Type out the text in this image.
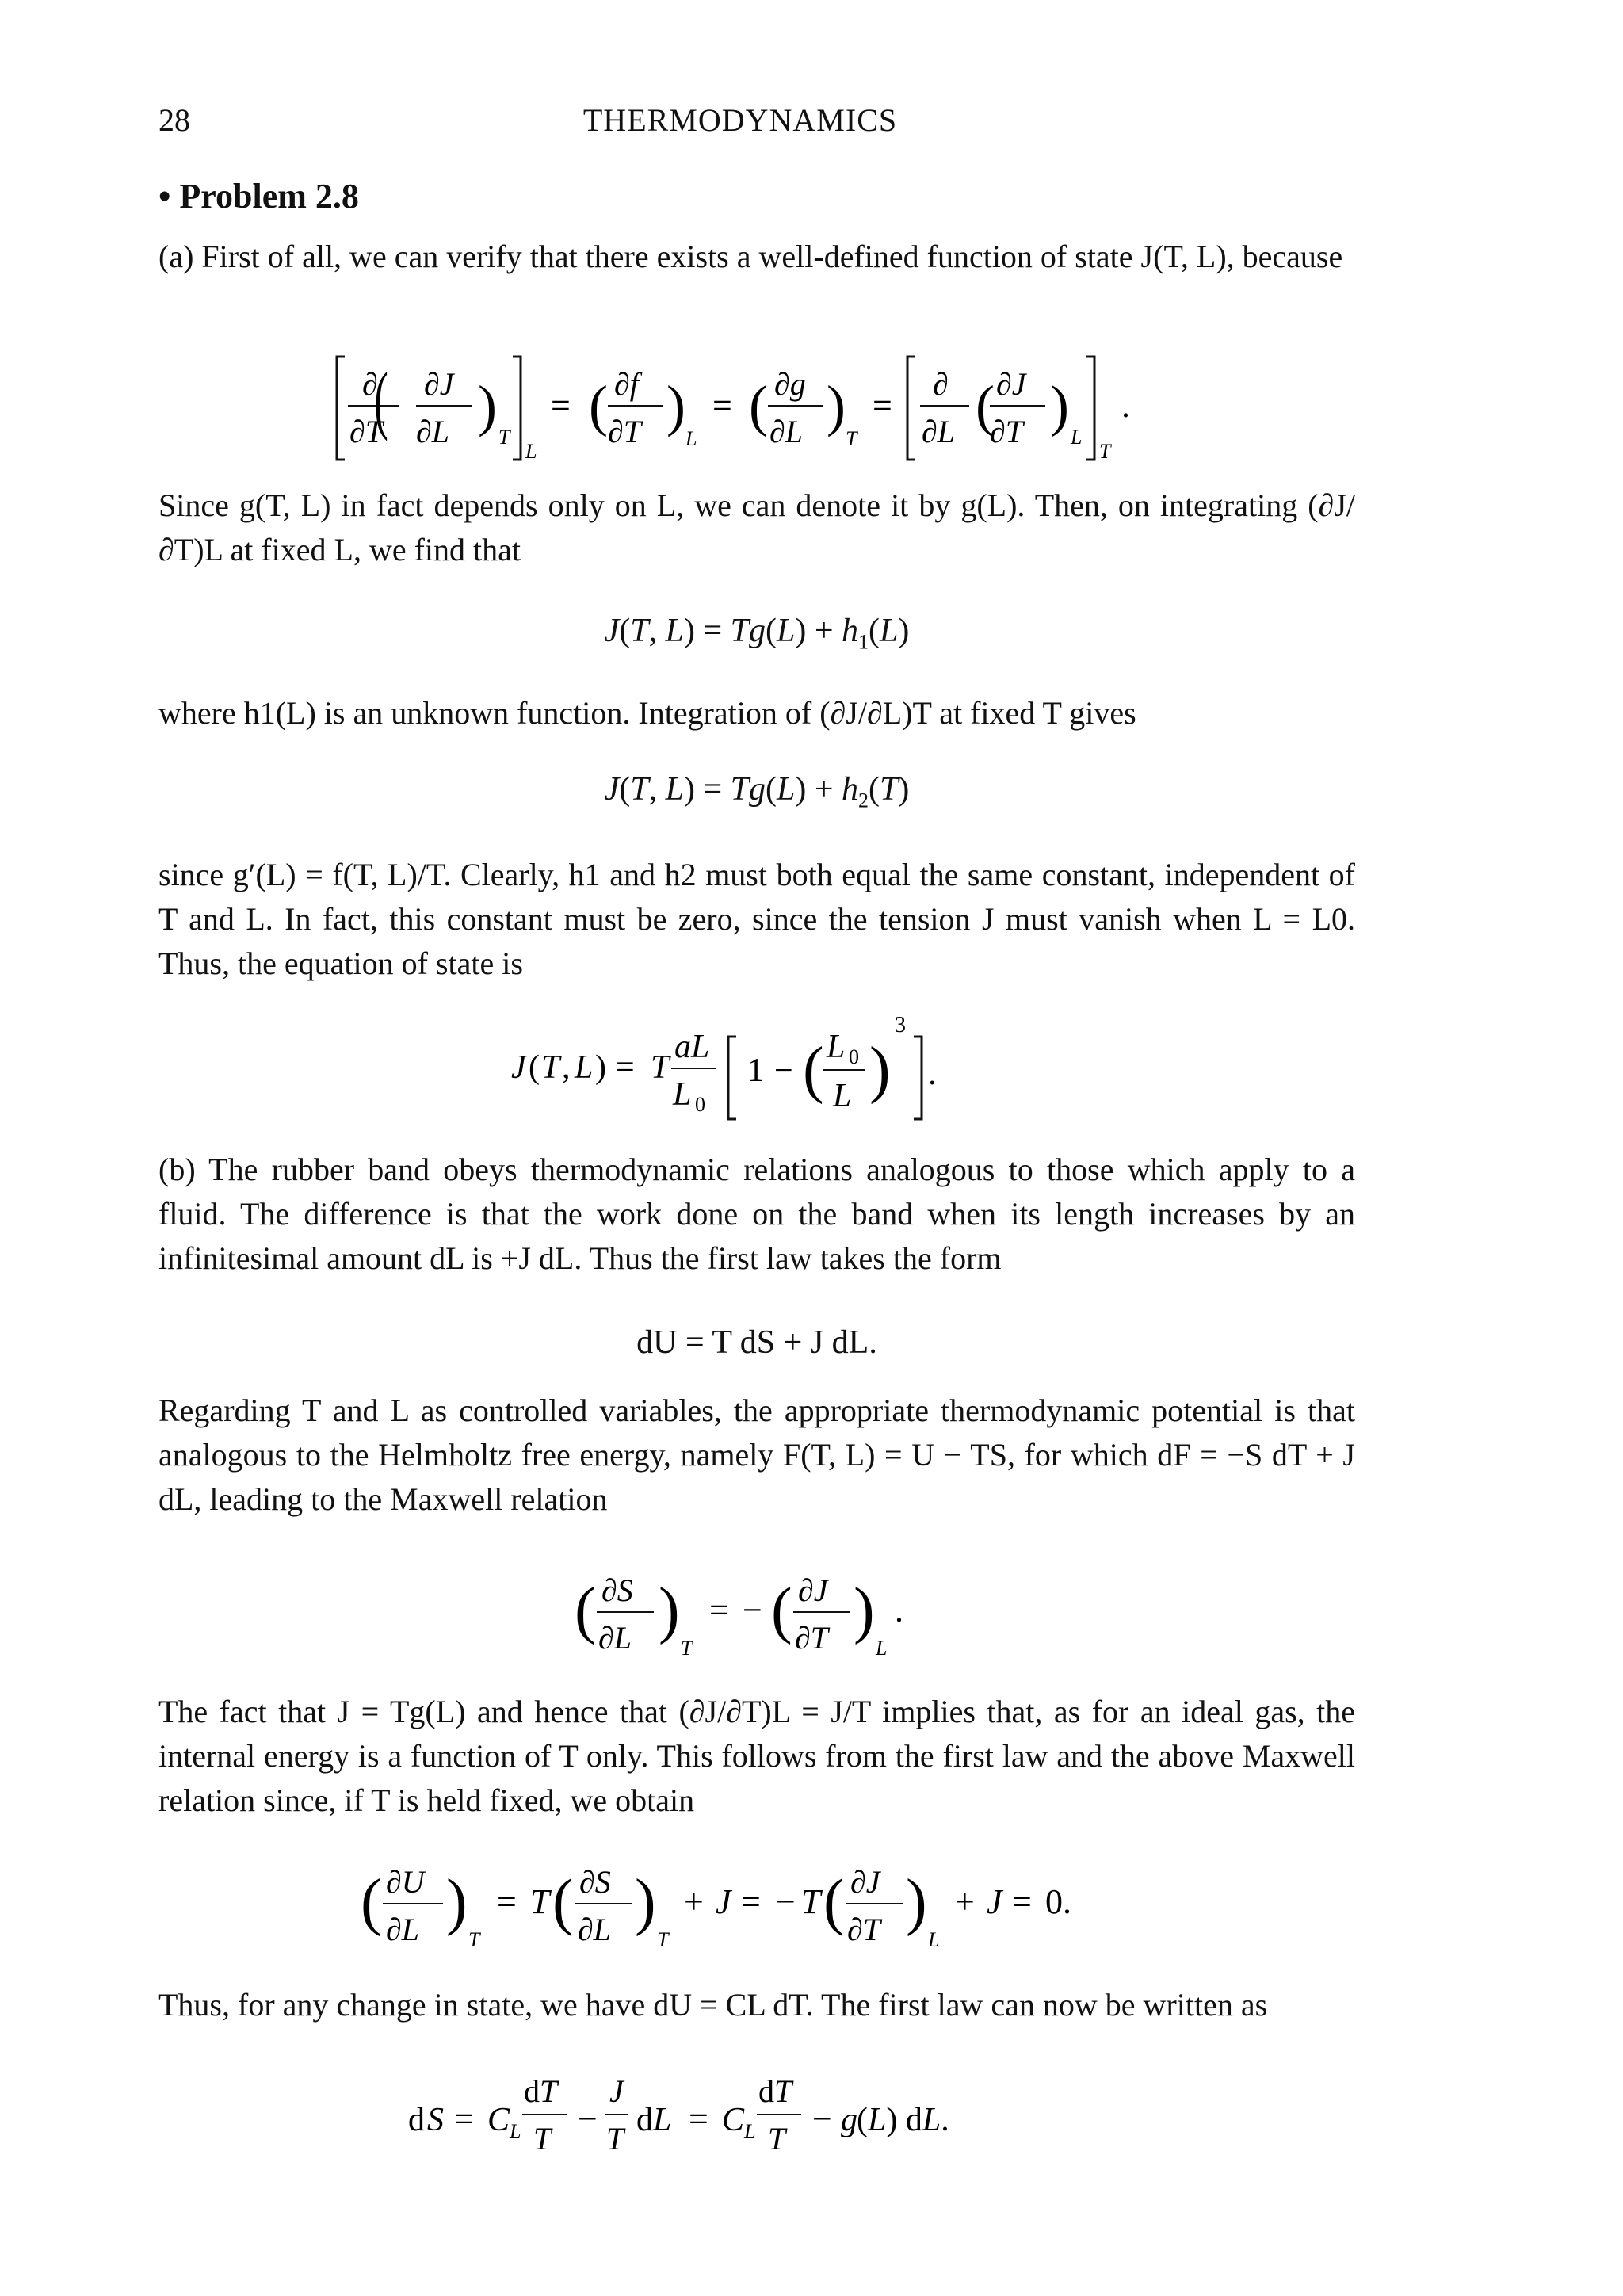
28	THERMODYNAMICS
• Problem 2.8
(a) First of all, we can verify that there exists a well-defined function of state J(T, L), because
∂
∂T
( ∂J
∂L ) T
L
= ( ∂f
∂T )
L
= ( ∂g
∂L )
T
=
∂
∂L ( ∂J
∂T ) L
T
.
Since g(T, L) in fact depends only on L, we can denote it by g(L). Then, on integrating (∂J/∂T)L at fixed L, we find that
J(T, $L) = Tg(L) + h_1(L)$
where h1(L) is an unknown function. Integration of (∂J/∂L)T at fixed T gives
J(T, $L) = Tg(L) + h_2(T)$
since g′(L) = f(T, L)/T. Clearly, h1 and h2 must both equal the same constant, independent of T and L. In fact, this constant must be zero, since the tension J must vanish when L = L0. Thus, the equation of state is
J ( T , L ) = T
aL
L 0
1 − ( L 0
L )
3
.
(b) The rubber band obeys thermodynamic relations analogous to those which apply to a fluid. The difference is that the work done on the band when its length increases by an infinitesimal amount dL is +J dL. Thus the first law takes the form
dU = T dS + J dL.
Regarding T and L as controlled variables, the appropriate thermodynamic potential is that analogous to the Helmholtz free energy, namely F(T, L) = U − TS, for which dF = −S dT + J dL, leading to the Maxwell relation
( ∂S
∂L )
T
= − ( ∂J
∂T )
L
.
The fact that J = Tg(L) and hence that (∂J/∂T)L = J/T implies that, as for an ideal gas, the internal energy is a function of T only. This follows from the first law and the above Maxwell relation since, if T is held fixed, we obtain
( ∂U
∂L )
T
= T ( ∂S
∂L )
T
+ J = − T ( ∂J
∂T )
L
+ J = 0.
Thus, for any change in state, we have dU = CL dT. The first law can now be written as
d S = C L
dT
T
−
J
T
dL = C L
dT
T
− g (L) dL.
